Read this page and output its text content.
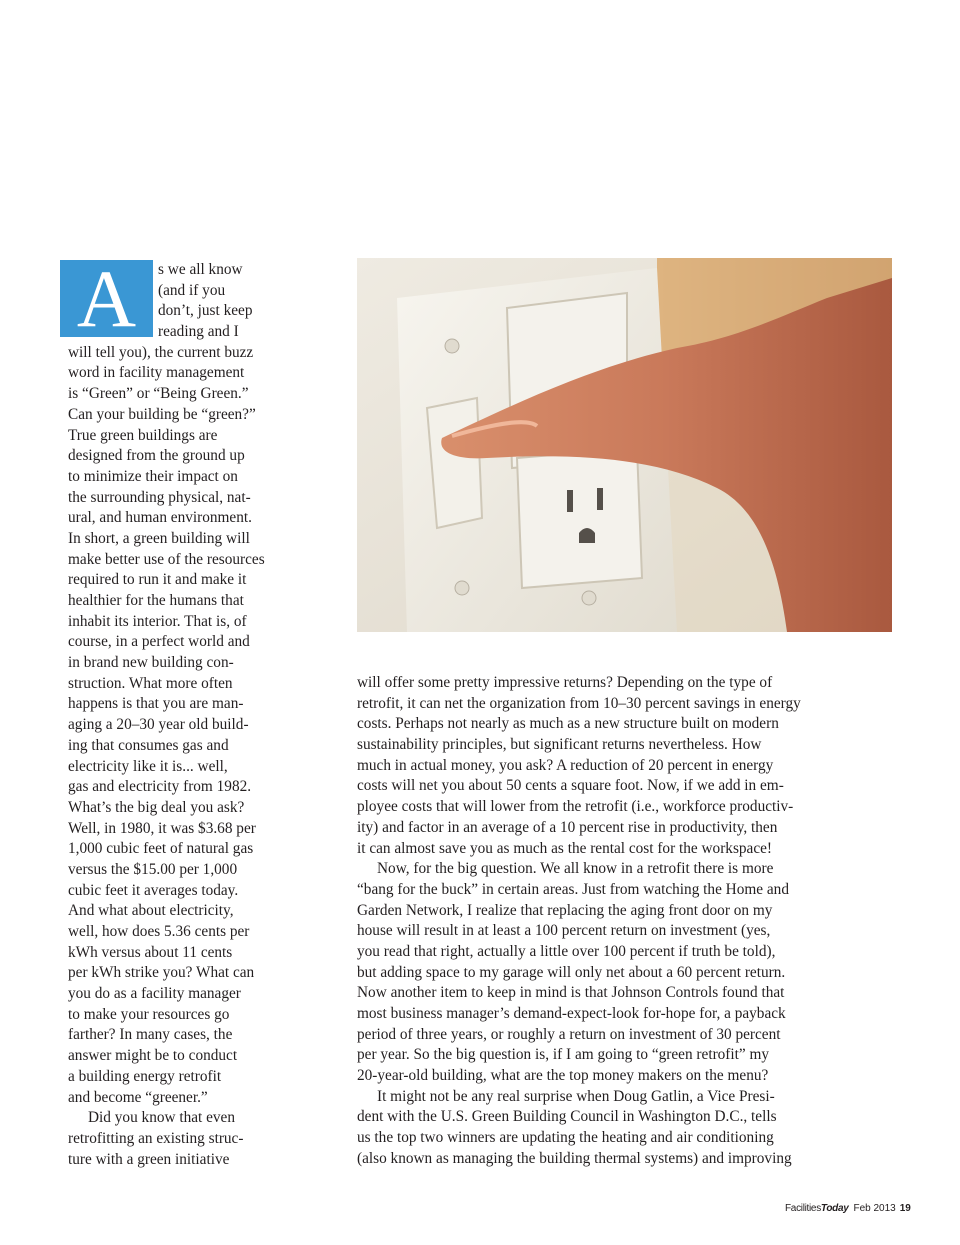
A	s we all know
(and if you
don’t, just keep
reading and I
will tell you), the current buzz
word in facility management
is “Green” or “Being Green.”
Can your building be “green?”
True green buildings are
designed from the ground up
to minimize their impact on
the surrounding physical, nat-
ural, and human environment.
In short, a green building will
make better use of the resources
required to run it and make it
healthier for the humans that
inhabit its interior. That is, of
course, in a perfect world and
in brand new building con-
struction. What more often
happens is that you are man-
aging a 20–30 year old build-
ing that consumes gas and
electricity like it is... well,
gas and electricity from 1982.
What’s the big deal you ask?
Well, in 1980, it was $3.68 per
1,000 cubic feet of natural gas
versus the $15.00 per 1,000
cubic feet it averages today.
And what about electricity,
well, how does 5.36 cents per
kWh versus about 11 cents
per kWh strike you? What can
you do as a facility manager
to make your resources go
farther? In many cases, the
answer might be to conduct
a building energy retrofit
and become “greener.”
Did you know that even
retrofitting an existing struc-
ture with a green initiative
will offer some pretty impressive returns? Depending on the type of
retrofit, it can net the organization from 10–30 percent savings in energy
costs. Perhaps not nearly as much as a new structure built on modern
sustainability principles, but significant returns nevertheless. How
much in actual money, you ask? A reduction of 20 percent in energy
costs will net you about 50 cents a square foot. Now, if we add in em-
ployee costs that will lower from the retrofit (i.e., workforce productiv-
ity) and factor in an average of a 10 percent rise in productivity, then
it can almost save you as much as the rental cost for the workspace!
Now, for the big question. We all know in a retrofit there is more
“bang for the buck” in certain areas. Just from watching the Home and
Garden Network, I realize that replacing the aging front door on my
house will result in at least a 100 percent return on investment (yes,
you read that right, actually a little over 100 percent if truth be told),
but adding space to my garage will only net about a 60 percent return.
Now another item to keep in mind is that Johnson Controls found that
most business manager’s demand-expect-look for-hope for, a payback
period of three years, or roughly a return on investment of 30 percent
per year. So the big question is, if I am going to “green retrofit” my
20-year-old building, what are the top money makers on the menu?
It might not be any real surprise when Doug Gatlin, a Vice Presi-
dent with the U.S. Green Building Council in Washington D.C., tells
us the top two winners are updating the heating and air conditioning
(also known as managing the building thermal systems) and improving
FacilitiesToday Feb 2013 19
